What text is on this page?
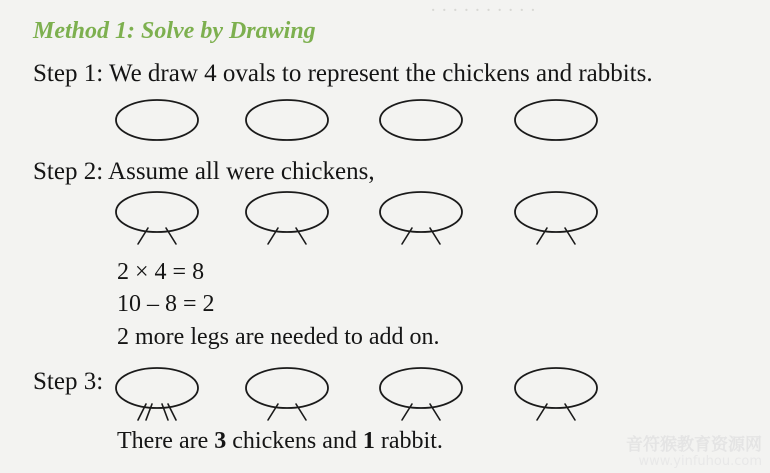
· · · · · · · · · ·
Method 1: Solve by Drawing
Step 1: We draw 4 ovals to represent the chickens and rabbits.
Step 2: Assume all were chickens,
2 × 4 = 8
10 – 8 = 2
2 more legs are needed to add on.
Step 3:
There are 3 chickens and 1 rabbit.	音符猴教育资源网
www.yinfuhou.com
